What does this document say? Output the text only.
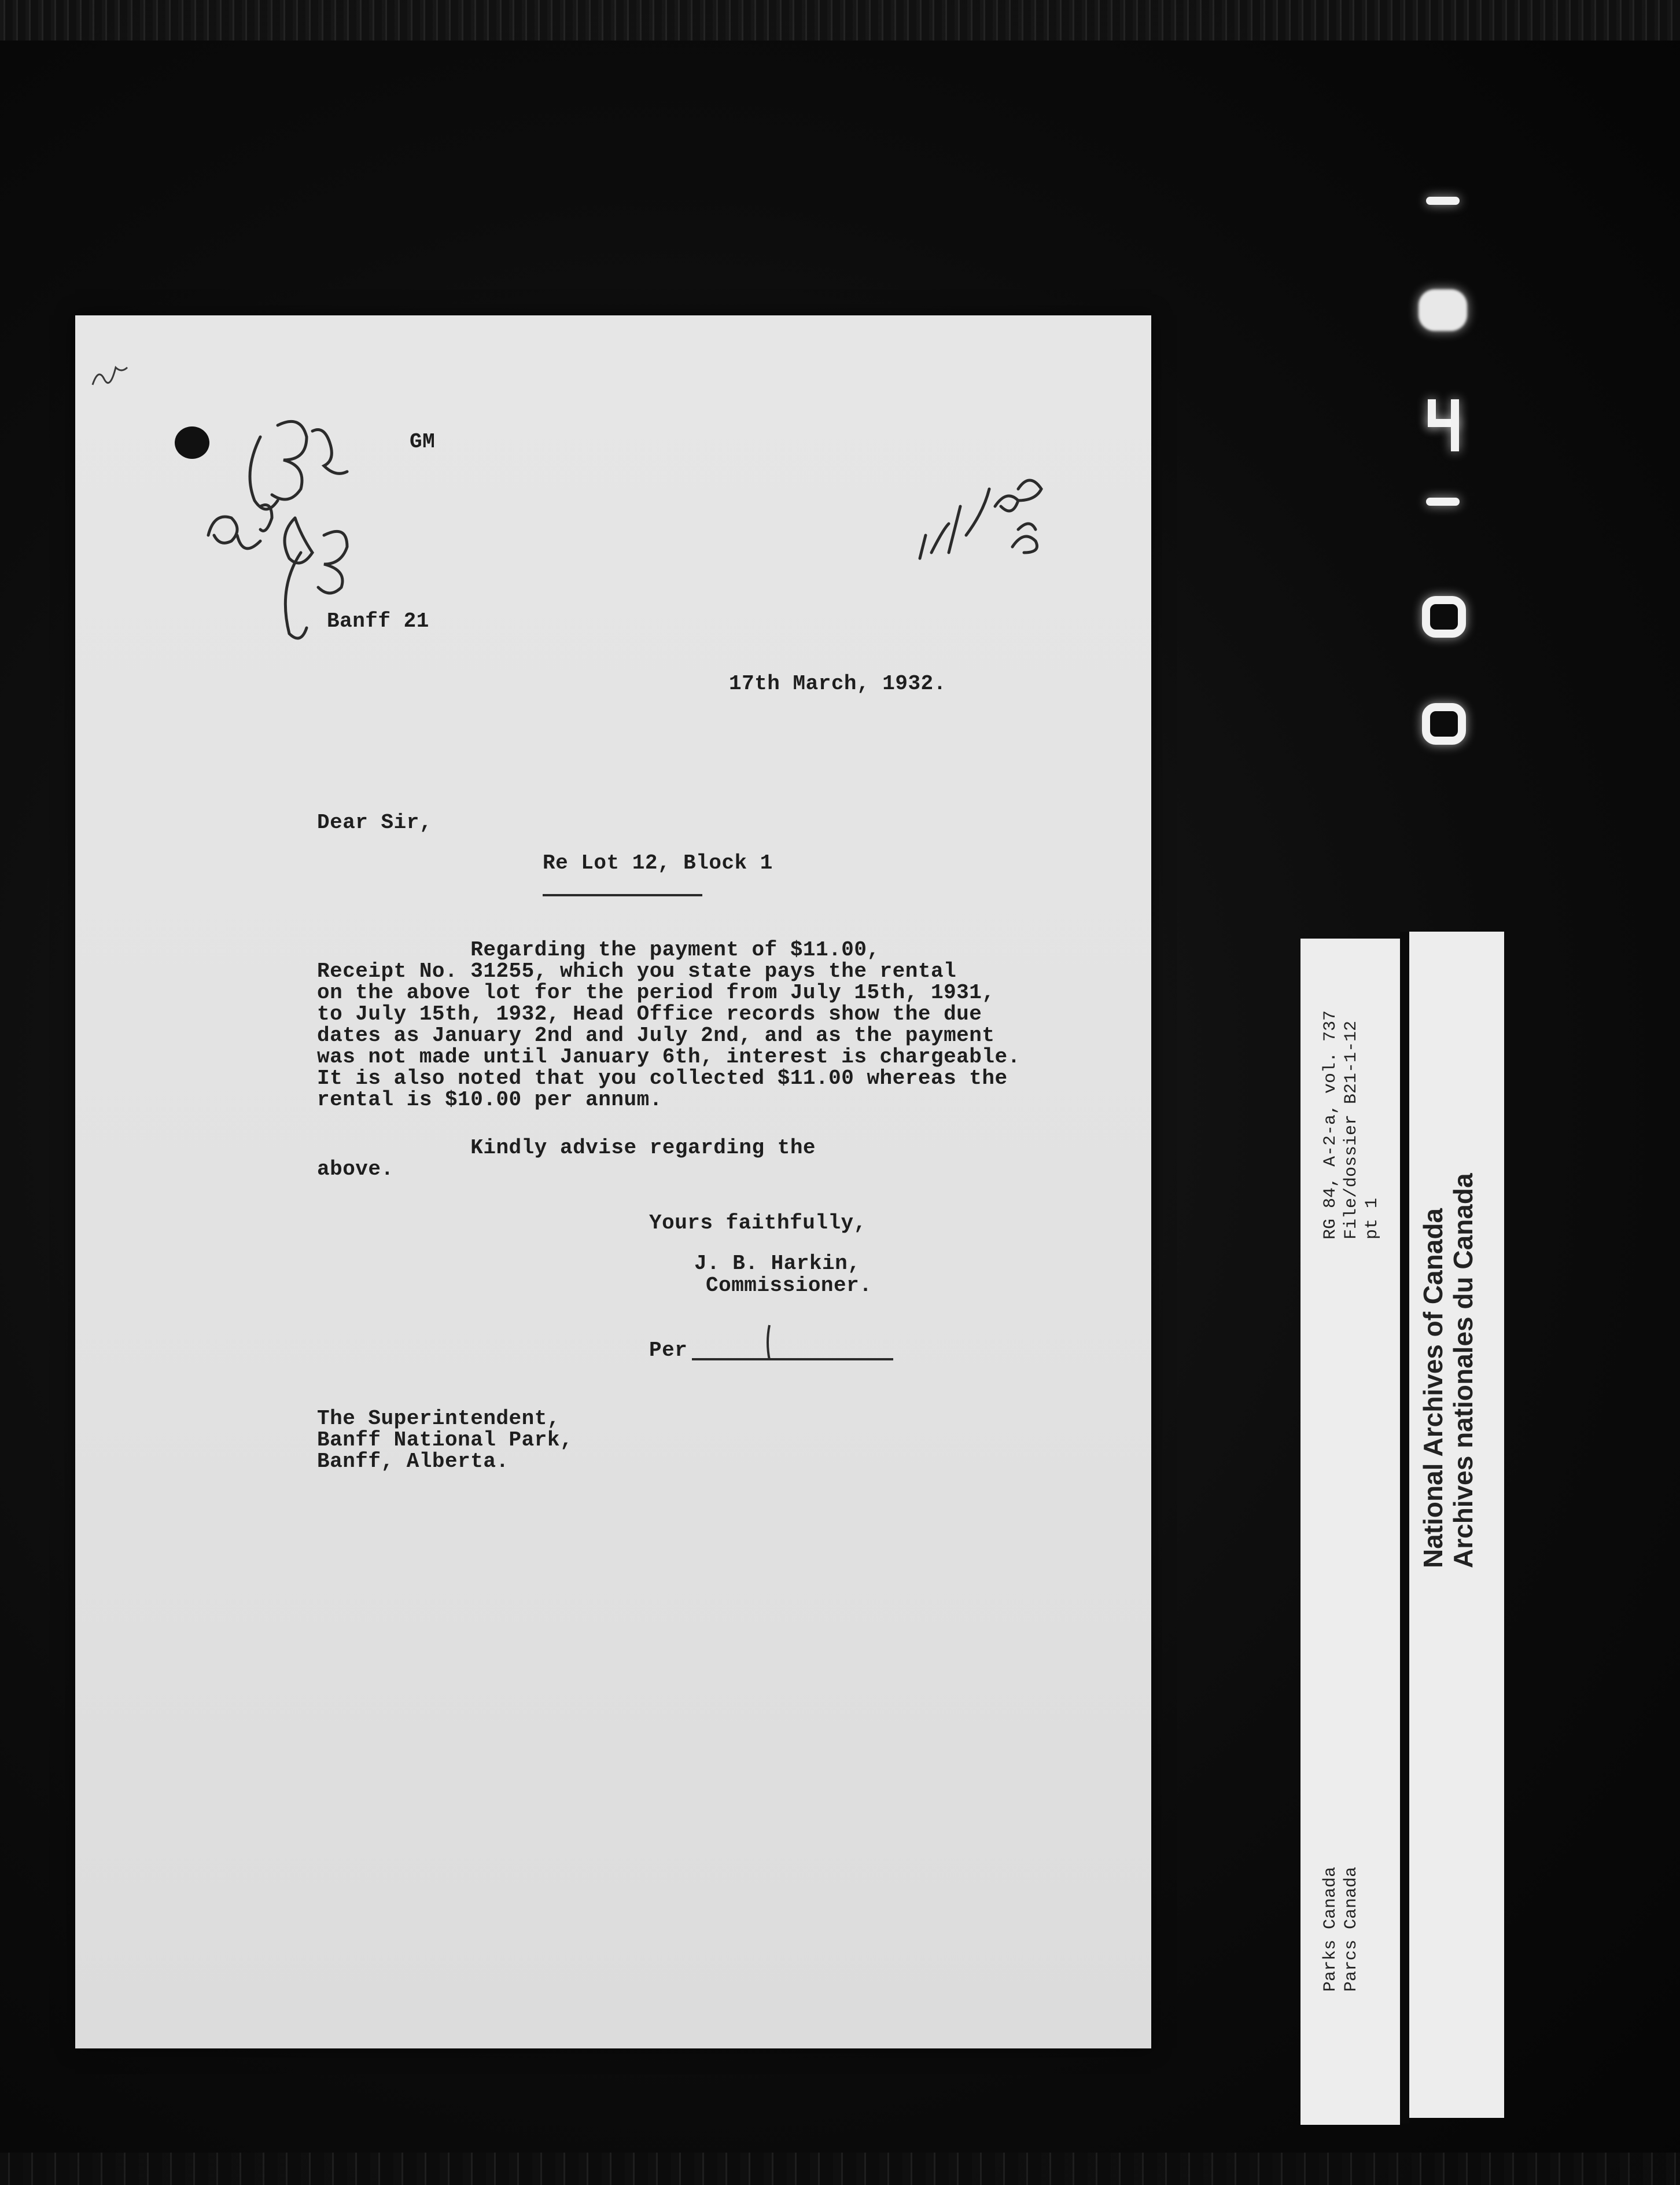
GM
Banff 21
17th March, 1932.
Dear Sir,
Re Lot 12, Block 1
Regarding the payment of $11.00,
Receipt No. 31255, which you state pays the rental
on the above lot for the period from July 15th, 1931,
to July 15th, 1932, Head Office records show the due
dates as January 2nd and July 2nd, and as the payment
was not made until January 6th, interest is chargeable.
It is also noted that you collected $11.00 whereas the
rental is $10.00 per annum.
Kindly advise regarding the
above.
Yours faithfully,
J. B. Harkin,
Commissioner.
Per
The Superintendent,
Banff National Park,
Banff, Alberta.
RG 84, A-2-a, vol. 737 File/dossier B21-1-12 pt 1
Parks Canada Parcs Canada
National Archives of Canada Archives nationales du Canada
